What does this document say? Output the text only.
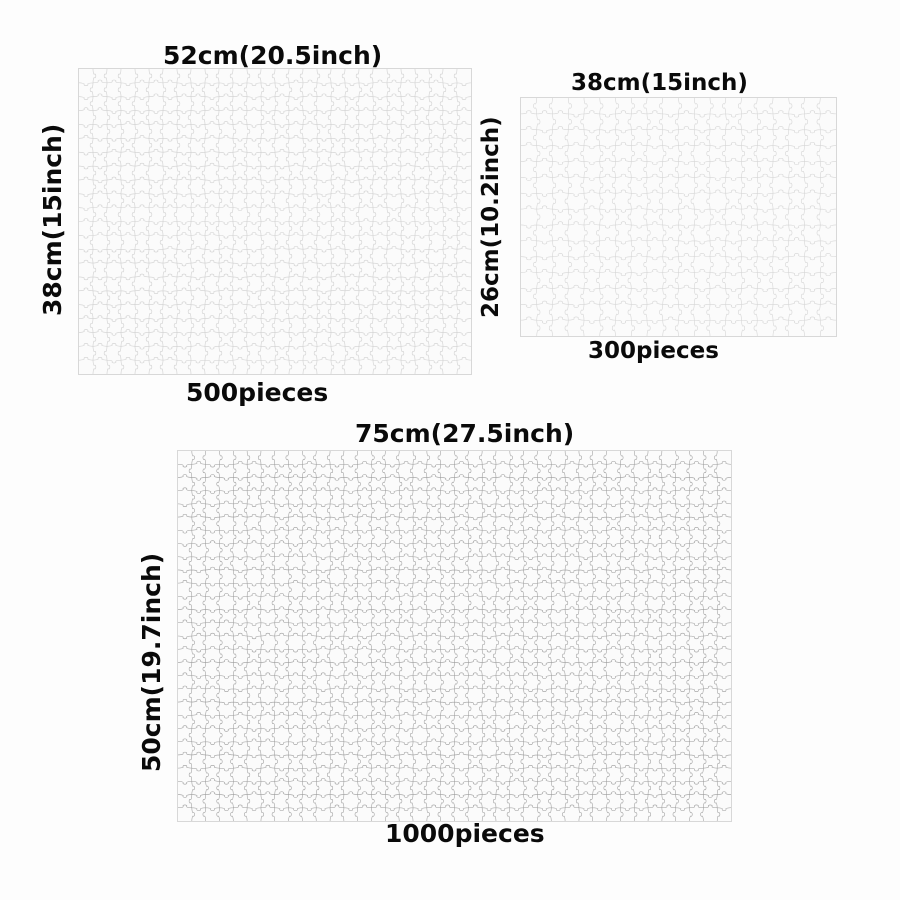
52cm(20.5inch)
38cm(15inch)
500pieces
38cm(15inch)
26cm(10.2inch)
300pieces
75cm(27.5inch)
50cm(19.7inch)
1000pieces
